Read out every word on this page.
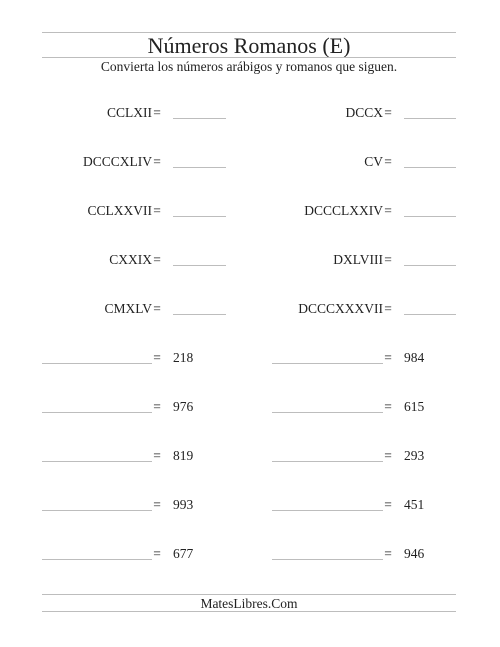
Números Romanos (E)
Convierta los números arábigos y romanos que siguen.
CCLXII =
DCCCXLIV =
CCLXXVII =
CXXIX =
CMXLV =
= 218
= 976
= 819
= 993
= 677
DCCX =
CV =
DCCCLXXIV =
DXLVIII =
DCCCXXXVII =
= 984
= 615
= 293
= 451
= 946
MatesLibres.Com
